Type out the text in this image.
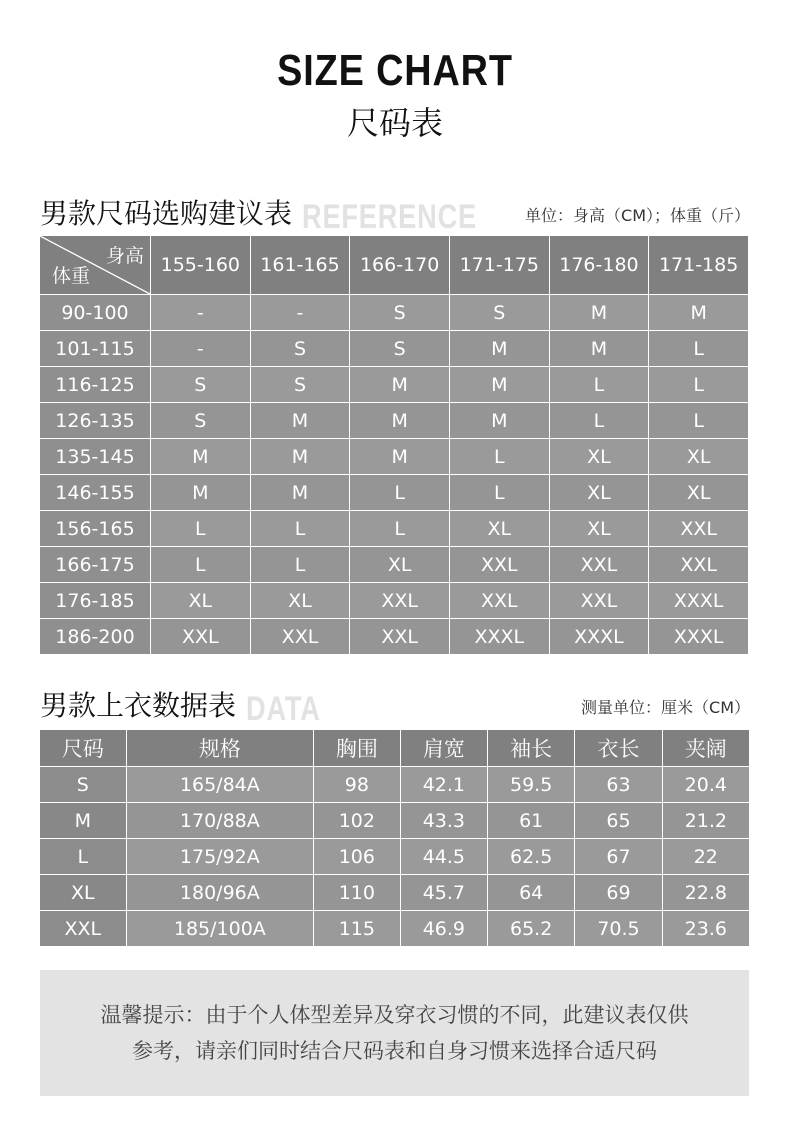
SIZE CHART
尺码表
男款尺码选购建议表 REFERENCE	单位：身高（CM）；体重（斤）
身高
体重	155-160	161-165	166-170	171-175	176-180	171-185
90-100	-	-	S	S	M	M
101-115	-	S	S	M	M	L
116-125	S	S	M	M	L	L
126-135	S	M	M	M	L	L
135-145	M	M	M	L	XL	XL
146-155	M	M	L	L	XL	XL
156-165	L	L	L	XL	XL	XXL
166-175	L	L	XL	XXL	XXL	XXL
176-185	XL	XL	XXL	XXL	XXL	XXXL
186-200	XXL	XXL	XXL	XXXL	XXXL	XXXL
男款上衣数据表 DATA	测量单位：厘米（CM）
尺码	规格	胸围	肩宽	袖长	衣长	夹阔
S	165/84A	98	42.1	59.5	63	20.4
M	170/88A	102	43.3	61	65	21.2
L	175/92A	106	44.5	62.5	67	22
XL	180/96A	110	45.7	64	69	22.8
XXL	185/100A	115	46.9	65.2	70.5	23.6
温馨提示：由于个人体型差异及穿衣习惯的不同，此建议表仅供
参考，请亲们同时结合尺码表和自身习惯来选择合适尺码
